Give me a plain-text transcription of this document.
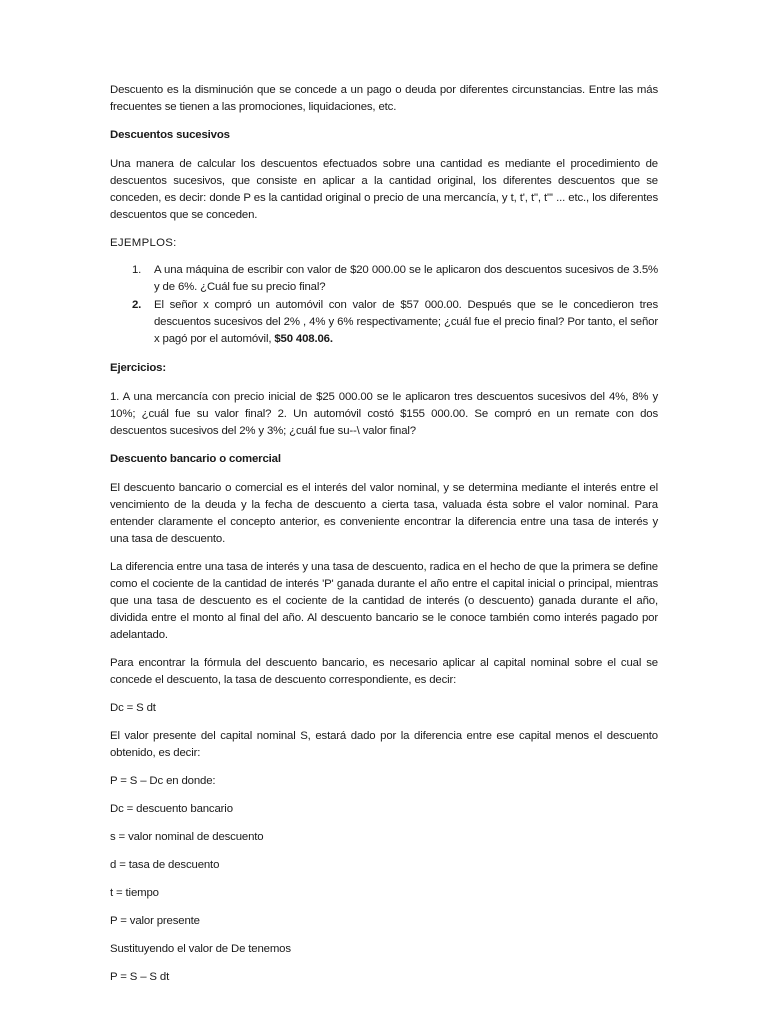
Descuento es la disminución que se concede a un pago o deuda por diferentes circunstancias. Entre las más frecuentes se tienen a las promociones, liquidaciones, etc.

Descuentos sucesivos

Una manera de calcular los descuentos efectuados sobre una cantidad es mediante el procedimiento de descuentos sucesivos, que consiste en aplicar a la cantidad original, los diferentes descuentos que se conceden, es decir: donde P es la cantidad original o precio de una mercancía, y t, t', t", t"' ... etc., los diferentes descuentos que se conceden.

EJEMPLOS:

1.	A una máquina de escribir con valor de $20 000.00 se le aplicaron dos descuentos sucesivos de 3.5% y de 6%. ¿Cuál fue su precio final?
2.	El señor x compró un automóvil con valor de $57 000.00. Después que se le concedieron tres descuentos sucesivos del 2% , 4% y 6% respectivamente; ¿cuál fue el precio final? Por tanto, el señor x pagó por el automóvil, $50 408.06.

Ejercicios:

1. A una mercancía con precio inicial de $25 000.00 se le aplicaron tres descuentos sucesivos del 4%, 8% y 10%; ¿cuál fue su valor final? 2. Un automóvil costó $155 000.00. Se compró en un remate con dos descuentos sucesivos del 2% y 3%; ¿cuál fue su--\ valor final?

Descuento bancario o comercial

El descuento bancario o comercial es el interés del valor nominal, y se determina mediante el interés entre el vencimiento de la deuda y la fecha de descuento a cierta tasa, valuada ésta sobre el valor nominal. Para entender claramente el concepto anterior, es conveniente encontrar la diferencia entre una tasa de interés y una tasa de descuento.

La diferencia entre una tasa de interés y una tasa de descuento, radica en el hecho de que la primera se define como el cociente de la cantidad de interés 'P' ganada durante el año entre el capital inicial o principal, mientras que una tasa de descuento es el cociente de la cantidad de interés (o descuento) ganada durante el año, dividida entre el monto al final del año. Al descuento bancario se le conoce también como interés pagado por adelantado.

Para encontrar la fórmula del descuento bancario, es necesario aplicar al capital nominal sobre el cual se concede el descuento, la tasa de descuento correspondiente, es decir:

Dc = S dt

El valor presente del capital nominal S, estará dado por la diferencia entre ese capital menos el descuento obtenido, es decir:

P = S – Dc en donde:

Dc = descuento bancario

s = valor nominal de descuento

d = tasa de descuento

t = tiempo

P = valor presente

Sustituyendo el valor de De tenemos

P = S – S dt
